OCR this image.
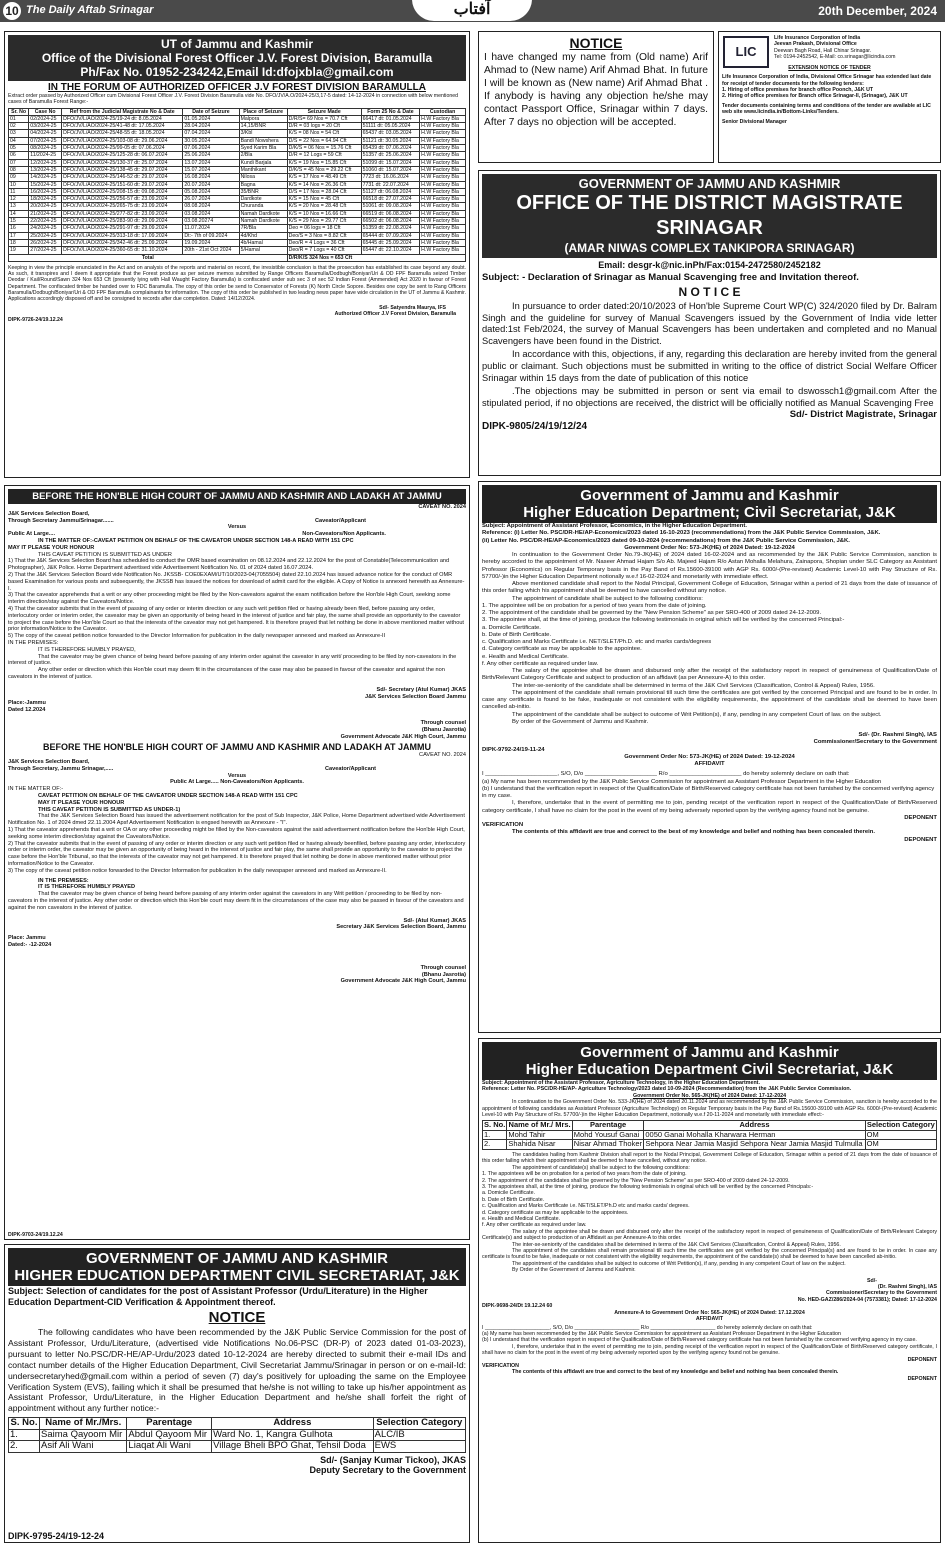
10 The Daily Aftab Srinagar	آفتاب	20th December, 2024
UT of Jammu and Kashmir
Office of the Divisional Forest Officer J.V. Forest Division, Baramulla
Ph/Fax No. 01952-234242,Email Id:dfojxbla@gmail.com
IN THE FORUM OF AUTHORIZED OFFICER J.V FOREST DIVISION BARAMULLA

Extract order passed by Authorized Officer cum Divisional Forest Officer J.V. Forest Division Baramulla vide No. DFO/JV/A.O/2024-25/3,17-5 dated: 14-12-2024 in connection with below mentioned cases of Baramulla Forest Range:-

Sr. No	Case No	Ref from the Judicial Magistrate No & Date	Date of Seizure	Place of Seizure	Seizure Made	Form 25 No & Date	Custodian
01	02/2024-25	DFO/JV/L/AO/2024-25/19-24 dt: 8.05.2024	01.05.2024	Malpora	D/R/S= 69 Nos = 70.7 Cft	66417 dt: 01.05.2024	H.W Factory Bla
02	03/2024-25	DFO/JV/L/AO/2024-25/41-48 dt: 17.05.2024	28.04.2024	14,15/BNR	D/R = 03 logs = 20 Cft	51111 dt: 05.05.2024	H.W Factory Bla
03	04/2024-25	DFO/JV/L/AO/2024-25/48-55 dt: 18.05.2024	07.04.2024	3/Kbl	K/S = 08 Nos = 54 Cft	65437 dt: 03.05.2024	H.W Factory Bla
04	07/2024-25	DFO/JV/L/AO/2024-25/103-08 dt: 29.06.2024	30.05.2024	Bandi Nowshera	D/S = 22 Nos = 64.94 Cft	51121 dt: 30.05.2024	H.W Factory Bla
05	08/2024-25	DFO/JV/L/AO/2024-25/99-05 dt: 07.06.2024	07.06.2024	Syed Karim Bla	D/K/S = 06 Nos = 15.76 Cft	65439 dt: 07.06.2024	H.W Factory Bla
06	11/2024-25	DFO/JV/L/AO/2024-25/125-28 dt: 06.07.2024	25.06.2024	2/Bla	D/R = 12 Logs = 59 Cft	51357 dt: 25.06.2024	H.W Factory Bla
07	12/2024-25	DFO/JV/L/AO/2024-25/130-37 dt: 25.07.2024	13.07.2024	Kundi Barjala	K/S = 19 Nos = 15.85 Cft	51099 dt: 15.07.2024	H.W Factory Bla
08	13/2024-25	DFO/JV/L/AO/2024-25/138-45 dt: 29.07.2024	15.07.2024	Manthikant	D/K/S = 45 Nos = 29.22 Cft	51060 dt: 15.07.2024	H.W Factory Bla
09	14/2024-25	DFO/JV/L/AO/2024-25/146-52 dt: 29.07.2024	16.08.2024	Nilosa	K/S = 17 Nos = 48.49 Cft	7723 dt: 16.06.2024	H.W Factory Bla
10	15/2024-25	DFO/JV/L/AO/2024-25/151-60 dt: 29.07.2024	20.07.2024	Bagna	K/S = 14 Nos = 26.36 Cft	7731 dt: 22.07.2024	H.W Factory Bla
11	16/2024-25	DFO/JV/L/AO/2024-25/208-15 dt: 09.08.2024	05.08.2024	35/BNR	D/S = 17 Nos = 28.04 Cft	51127 dt: 06.08.2024	H.W Factory Bla
12	18/2024-25	DFO/JV/L/AO/2024-25/256-57 dt: 23.09.2024	26.07.2024	Dardkote	K/S = 15 Nos = 45 Cft	66518 dt: 27.07.2024	H.W Factory Bla
13	20/2024-25	DFO/JV/L/AO/2024-25/265-75 dt: 23.09.2024	08.08.2024	Churanda	K/S = 20 Nos = 28.48 Cft	51061 dt: 09.08.2024	H.W Factory Bla
14	21/2024-25	DFO/JV/L/AO/2024-25/277-82 dt: 23.09.2024	03.08.2024	Namah Dardkote	K/S = 10 Nos = 16.66 Cft	66519 dt: 06.08.2024	H.W Factory Bla
15	22/2024-25	DFO/JV/L/AO/2024-25/283-90 dt: 29.09.2024	03.08.20274	Namah Dardkote	K/S = 29 Nos = 29.77 Cft	66502 dt: 06.08.2024	H.W Factory Bla
16	24/2024-25	DFO/JV/L/AO/2024-25/291-97 dt: 29.09.2024	11.07.2024	7R/Bla	Deo = 06 logs = 18 Cft	51359 dt: 22.08.2024	H.W Factory Bla
17	25/2024-25	DFO/JV/L/AO/2024-25/313-18 dt: 17.09.2024	Dt:- 7th of 09.2024	4d/Khd	Deo/S = 3 Nos = 8.82 Cft	65444 dt: 07.09.2024	H.W Factory Bla
18	26/2024-25	DFO/JV/L/AO/2024-25/342-46 dt: 25.09.2024	19.09.2024	4b/Hamal	Deo/R = 4 Logs = 36 Cft	65445 dt: 25.09.2024	H.W Factory Bla
19	27/2024-25	DFO/JV/L/AO/2024-25/360-65 dt: 31.10.2024	20th - 21st Oct 2024	5/Hamal	Deo/R = 7 Logs = 40 Cft	65447 dt: 22.10.2024	H.W Factory Bla
Total					D/R/K/S 324 Nos = 653 Cft		

Keeping in view the principle enunciated in the Act and on analysis of the reports and material on record, the irresistible conclusion is that the prosecution has established its case beyond any doubt. As such, it transpires and I deem it appropriate that the Forest produce as per seizure memos submitted by Range Officers Baramulla/Dodbugh/Boniyar/Uri & OD FPF Baramulla seized Timber Deodar / Kail/Round/Sawn 324 Nos 653 Cft (presently lying with Hall Waught Factory Baramulla) is confiscated under sub sec 3 of sec 52 Indian Forest (Ammended) Act 2020 in favour of Forest Department. The confiscated timber be handed over to FDC Baramulla. The copy of this order be send to Conservator of Forests (K) North Circle Sopore. Besides one copy be sent to Rang Officers Baramulla/Dodbugh/Boniyar/Uri & OD FPF Baramulla complainants for information. The copy of this order be published in two leading news paper have wide circulation in the UT of Jammu & Kashmir. Applications accordingly disposed off and be consigned to records after due completion. Dated: 14/12/2024.

Sd/- Satyendra Maurya, IFS
Authorized Officer J.V Forest Division, Baramulla
DIPK-9726-24/19.12.24
NOTICE

I have changed my name from (Old name) Arif Ahmad to (New name) Arif Ahmad Bhat. In future I will be known as (New name) Arif Ahmad Bhat . If anybody is having any objection he/she may contact Passport Office, Srinagar within 7 days. After 7 days no objection will be accepted.

LIC
Life Insurance Corporation of India
Jeevan Prakash, Divisional Office
Deewan Bagh Road, Hall Chinar Srinagar.
Tel: 0194-2452542, E-Mail: co.srinagar@licindia.com
EXTENSION NOTICE OF TENDER

Life Insurance Corporation of India, Divisional Office Srinagar has extended last date for receipt of tender documents for the following tenders:

1. Hiring of office premises for branch office Poonch, J&K UT

2. Hiring of office premises for Branch office Srinagar-II, (Srinagar), J&K UT

Tender documents containing terms and conditions of the tender are available at LIC web site www.licindia.in/Bottom-Links/Tenders.

Senior Divisional Manager

GOVERNMENT OF JAMMU AND KASHMIR
OFFICE OF THE DISTRICT MAGISTRATE SRINAGAR
(AMAR NIWAS COMPLEX TANKIPORA SRINAGAR)
Email: desgr-k@nic.inPh/Fax:0154-2472580/2452182
Subject: - Declaration of Srinagar as Manual Scavenging free and Invitation thereof.
N O T I C E

In pursuance to order dated:20/10/2023 of Hon'ble Supreme Court WP(C) 324/2020 filed by Dr. Balram Singh and the guideline for survey of Manual Scavengers issued by the Government of India vide letter dated:1st Feb/2024, the survey of Manual Scavengers has been undertaken and completed and no Manual Scavengers have been found in the District.

In accordance with this, objections, if any, regarding this declaration are hereby invited from the general public or claimant. Such objections must be submitted in writing to the office of district Social Welfare Officer Srinagar within 15 days from the date of publication of this notice

.The objections may be submitted in person or sent via email to dswossch1@gmail.com After the stipulated period, if no objections are received, the district will be officially notified as Manual Scavenging Free

Sd/- District Magistrate, Srinagar
DIPK-9805/24/19/12/24
BEFORE THE HON'BLE HIGH COURT OF JAMMU AND KASHMIR AND LADAKH AT JAMMU
CAVEAT NO. 2024
J&K Services Selection Board,
Through Secretary Jammu/Srinagar.......	Caveator/Applicant
Versus
Public At Large....	Non-Caveators/Non Applicants.
IN THE MATTER OF:-CAVEAT PETITION ON BEHALF OF THE CAVEATOR UNDER SECTION 148-A READ WITH 151 CPC
MAY IT PLEASE YOUR HONOUR
THIS CAVEAT PETITION IS SUBMITTED AS UNDER

1) That the J&K Services Selection Board has scheduled to conduct the OMR based examination on 08.12.2024 and 22.12.2024 for the post of Constable(Telecommunication and Photographer), J&K Police. Home Department advertised vide Advertisement Notification No. 01 of 2024 dated 16.07.2024.

2) That the J&K Services Selection Board vide Notification No. JKSSB- COE0EXAM/UT/10/2023-04(7055504) dated 22.10.2024 has issued advance notice for the conduct of OMR based Examination for various posts and subsequently, the JKSSB has issued the notices for download of admit card for the eligible. A Copy of Notice is annexed herewith as Annexure-I.

3) That the caveator apprehends that a writ or any other proceeding might be filed by the Non-caveators against the exam notification before the Hon'ble High Court, seeking some interim direction/stay against the Caveators/Notice.

4) That the caveator submits that in the event of passing of any order or interim direction or any such writ petition filed or having already been filed, before passing any order, interlocutory order or interim order, the caveator may be given an opportunity of being heard in the interest of justice and fair play, the same shall provide an opportunity to the caveator to project the case before the Hon'ble Court so that the interests of the caveator may not get hampered. It is therefore prayed that let nothing be done in above mentioned matter without prior information/Notice to the Caveator.

5) The copy of the caveat petition notice forwarded to the Director Information for publication in the daily newspaper annexed and marked as Annexure-II

IN THE PREMISES:
IT IS THEREFORE HUMBLY PRAYED,

That the caveator may be given chance of being heard before passing of any interim order against the caveator in any writ/ proceeding to be filed by non-caveators in the interest of justice.

Any other order or direction which this Hon'ble court may deem fit in the circumstances of the case may also be passed in favour of the caveator and against the non caveators in the interest of justice.

Sd/- Secretary (Atul Kumar) JKAS
J&K Services Selection Board Jammu
Place:-Jammu
Dated 12.2024
Through counsel
(Bhanu Jasrotia)
Government Advocate J&K High Court, Jammu
BEFORE THE HON'BLE HIGH COURT OF JAMMU AND KASHMIR AND LADAKH AT JAMMU
CAVEAT NO. 2024
J&K Services Selection Board,
Through Secretary, Jammu Srinagar,.....	Caveator/Applicant
Versus
Public At Large..... Non-Caveators/Non Applicants.
IN THE MATTER OF:-
CAVEAT PETITION ON BEHALF OF THE CAVEATOR UNDER SECTION 148-A READ WITH 151 CPC
MAY IT PLEASE YOUR HONOUR
THIS CAVEAT PETITION IS SUBMITTED AS UNDER-1)

That the J&K Services Selection Board has issued the advertisement notification for the post of Sub Inspector, J&K Police, Home Department advertised wide Advertisement Notification No. 1 of 2024 dmed 22.11.2004 Apsf Advertisement Notification is engsed herewith as Annexure - "I".

1) That the caveator apprehends that a writ or OA or any other proceeding might be filled by the Non-caveators against the said advertisement notification before the Hon'ble High Court, seeking some interim direction/stay against the Caveators/Notice.

2) That the caveator submits that in the event of passing of any order or interim direction or any such writ petition filed or having already beenfiled, before passing any order, interlocutory order or interim order, the caveator may be given an opportunity of being heard in the interest of justice and fair play, the same shall provide an opportunity to the caveator to project the case before the Hon'ble Tribunal, so that the interests of the caveator may not get hampered. It is therefore prayed that let nothing be done in above mentioned matter without prior information/Notice to the Caveator.

3) The copy of the caveat petition notice forwarded to the Director Information for publication in the daily newspaper annexed and marked as Annexure-II.

IN THE PREMISES:
IT IS THEREFORE HUMBLY PRAYED

That the caveator may be given chance of being heard before passing of any interim order against the caveators in any Writ petition / proceeding to be filed by non-caveators in the interest of justice. Any other order or direction which this Hon'ble court may deem fit in the circumstances of the case may also be passed in favour of the caveators and against the non caveators in the interest of justice.

Sd/- (Atul Kumar) JKAS
Secretary J&K Services Selection Board, Jammu
Place: Jammu
Dated:- -12-2024
Through counsel
(Bhanu Jasrotia)
Government Advocate J&K High Court, Jammu
DIPK-9703-24/19.12.24
Government of Jammu and Kashmir
Higher Education Department; Civil Secretariat, J&K
Subject: Appointment of Assistant Professor, Economics, in the Higher Education Department.
Reference: (i) Letter No. PSC/DR-HE/AP-Economics/2023 dated 16-10-2023 (recommendations) from the J&K Public Service Commission, J&K.
(ii) Letter No. PSC/DR-HE/AP-Economics/2023 dated 09-10-2024 (recommendations) from the J&K Public Service Commission, J&K.
Government Order No: 573-JK(HE) of 2024 Dated: 19-12-2024

In continuation to the Government Order No.79-JK(HE) of 2024 dated 16-02-2024 and as recommended by the J&K Public Service Commission, sanction is hereby accorded to the appointment of Mr. Naseer Ahmad Hajam S/o Ab. Majeed Hajam R/o Astan Mohalla Melahura, Zainapora, Shopian under SLC Category as Assistant Professor (Economics) on Regular Temporary basis in the Pay Band of Rs.15600-39100 with AGP Rs. 6000/-(Pre-revised) Academic Level-10 with Pay Structure of Rs. 57700/-)in the Higher Education Department notionally w.e.f 16-02-2024 and monetarily with immediate effect.

Above mentioned candidate shall report to the Nodal Principal, Government College of Education, Srinagar within a period of 21 days from the date of issuance of this order failing which his appointment shall be deemed to have cancelled without any notice.

The appointment of candidate shall be subject to the following conditions:

1. The appointee will be on probation for a period of two years from the date of joining.

2. The appointment of the candidate shall be governed by the "New Pension Scheme" as per SRO-400 of 2009 dated 24-12-2009.

3. The appointee shall, at the time of joining, produce the following testimonials in original which will be verified by the concerned Principal:-

a. Domicile Certificate.

b. Date of Birth Certificate.

c. Qualification and Marks Certificate i.e. NET/SLET/Ph.D. etc and marks cards/degrees

d. Category certificate as may be applicable to the appointee.

e. Health and Medical Certificate.

f. Any other certificate as required under law.

The salary of the appointee shall be drawn and disbursed only after the receipt of the satisfactory report in respect of genuineness of Qualification/Date of Birth/Relevant Category Certificate and subject to production of an affidavit (as per Annexure-A) to this order.

The inter-se-seniority of the candidate shall be determined in terms of the J&K Civil Services (Classification, Control & Appeal) Rules, 1956.

The appointment of the candidate shall remain provisional till such time the certificates are got verified by the concerned Principal and are found to be in order. In case any certificate is found to be fake, inadequate or not consistent with the eligibility requirements, the appointment of the candidate shall be deemed to have been cancelled ab-initio.

The appointment of the candidate shall be subject to outcome of Writ Petition(s), if any, pending in any competent Court of law. on the subject.

By order of the Government of Jammu and Kashmir.

Sd/- (Dr. Rashmi Singh), IAS
Commissioner/Secretary to the Government
DIPK-9792-24/19-11-24
Government Order No: 573-JK(HE) of 2024 Dated: 19-12-2024
AFFIDAVIT

I ______________________, S/O, D/o ______________________ R/o ______________________ do hereby solemnly declare on oath that:

(a) My name has been recommended by the J&K Public Service Commission for appointment as Assistant Professor Department in the Higher Education

(b) I understand that the verification report in respect of the Qualification/Date of Birth/Reserved category certificate has not been furnished by the concerned verifying agency in my case.

I, therefore, undertake that in the event of permitting me to join, pending receipt of the verification report in respect of the Qualification/Date of Birth/Reserved category certificate, I shall have no claim for the post in the event of my being adversely reported upon by the verifying agency found not be genuine.

DEPONENT
VERIFICATION

The contents of this affidavit are true and correct to the best of my knowledge and belief and nothing has been concealed therein.

DEPONENT
Government of Jammu and Kashmir
Higher Education Department Civil Secretariat, J&K
Subject: Appointment of the Assistant Professor, Agriculture Technology, in the Higher Education Department.
Reference: Letter No. PSC/DR-HE/AP- Agriculture Technology/2023 dated 10-09-2024 (Recommendation) from the J&K Public Service Commission.
Government Order No. 565-JK(HE) of 2024 Dated: 17-12-2024

In continuation to the Government Order No. 533-JK(HE) of 2024 dated 20.11.2024 and as recommended by the J&K Public Service Commission, sanction is hereby accorded to the appointment of following candidates as Assistant Professor (Agriculture Technology) on Regular Temporary basis in the Pay Band of Rs.15600-39100 with AGP Rs. 6000/-(Pre-revised) Academic Level-10 with Pay Structure of Rs. 57700/-)in the Higher Education Department, notionally w.e.f 20-11-2024 and monetarily with immediate effect:-

S. No.	Name of Mr./ Mrs.	Parentage	Address	Selection Category
1.	Mohd Tahir	Mohd Yousuf Ganai	0050 Ganai Mohalla Kharwara Herman	OM
2.	Shahida Nisar	Nisar Ahmad Thoker	Sehpora Near Jamia Masjid Sehpora Near Jamia Masjid Tulmulla	OM

The candidates hailing from Kashmir Division shall report to the Nodal Principal, Government College of Education, Srinagar within a period of 21 days from the date of issuance of this order failing which their appointment shall be deemed to have cancelled, without any notice.

The appointment of candidate(s) shall be subject to the following conditions:

1. The appointees will be on probation for a period of two years from the date of joining.

2. The appointment of the candidates shall be governed by the "New Pension Scheme" as per SRO-400 of 2009 dated 24-12-2009.

3. The appointees shall, at the time of joining, produce the following testimonials in original which will be verified by the concerned Principals:-

a. Domicile Certificate.

b. Date of Birth Certificate.

c. Qualification and Marks Certificate i.e. NET/SLET/Ph.D etc and marks cards/ degrees.

d. Category certificate as may be applicable to the appointees.

e. Health and Medical Certificate.

f. Any other certificate as required under law.

The salary of the appointee shall be drawn and disbursed only after the receipt of the satisfactory report in respect of genuineness of Qualification/Date of Birth/Relevant Category Certificate(s) and subject to production of an Affidavit as per Annexure-A to this order.

The inter-se-seniority of the candidates shall be determined in terms of the J&K Civil Services (Classification, Control & Appeal) Rules, 1956.

The appointment of the candidates shall remain provisional till such time the certificates are got verified by the concerned Principal(s) and are found to be in order. In case any certificate is found to be fake, inadequate or not consistent with the eligibility requirements, the appointment of the candidate(s) shall be deemed to have been cancelled ab-initio.

The appointment of the candidates shall be subject to outcome of Writ Petition(s), if any, pending in any competent Court of law on the subject.

By Order of the Government of Jammu and Kashmir.

Sd/-
(Dr. Rashmi Singh), IAS
Commissioner/Secretary to the Government
No. HED-GAZ/286/2024-04 (7573381); Dated: 17-12-2024
DIPK-9698-24/Dt 19.12.24 60
Annexure-A to Government Order No: 565-JK(HE) of 2024 Dated: 17.12.2024
AFFIDAVIT

I ______________________, S/O, D/o ______________________ R/o ______________________ do hereby solemnly declare on oath that:

(a) My name has been recommended by the J&K Public Service Commission for appointment as Assistant Professor Department in the Higher Education

(b) I understand that the verification report in respect of the Qualification/Date of Birth/Reserved category certificate has not been furnished by the concerned verifying agency in my case.

I, therefore, undertake that in the event of permitting me to join, pending receipt of the verification report in respect of the Qualification/Date of Birth/Reserved category certificate, I shall have no claim for the post in the event of my being adversely reported upon by the verifying agency found not be genuine.

DEPONENT
VERIFICATION

The contents of this affidavit are true and correct to the best of my knowledge and belief and nothing has been concealed therein.

DEPONENT
GOVERNMENT OF JAMMU AND KASHMIR
HIGHER EDUCATION DEPARTMENT CIVIL SECRETARIAT, J&K
Subject: Selection of candidates for the post of Assistant Professor (Urdu/Literature) in the Higher Education Department-CID Verification & Appointment thereof.
NOTICE

The following candidates who have been recommended by the J&K Public Service Commission for the post of Assistant Professor, Urdu/Literature, (advertised vide Notifications No.06-PSC (DR-P) of 2023 dated 01-03-2023), pursuant to letter No.PSC/DR-HE/AP-Urdu/2023 dated 10-12-2024 are hereby directed to submit their e-mail IDs and contact number details of the Higher Education Department, Civil Secretariat Jammu/Srinagar in person or on e-mail-Id: undersecretaryhed@gmail.com within a period of seven (7) day's positively for uploading the same on the Employee Verification System (EVS), failing which it shall be presumed that he/she is not willing to take up his/her appointment as Assistant Professor, Urdu/Literature, in the Higher Education Department and he/she shall forfeit the right of appointment without any further notice:-

S. No.	Name of Mr./Mrs.	Parentage	Address	Selection Category
1.	Saima Qayoom Mir	Abdul Qayoom Mir	Ward No. 1, Kangra Gulhota	ALC/IB
2.	Asif Ali Wani	Liaqat Ali Wani	Village Bheli BPO Ghat, Tehsil Doda	EWS
Sd/- (Sanjay Kumar Tickoo), JKAS
Deputy Secretary to the Government
DIPK-9795-24/19-12-24
